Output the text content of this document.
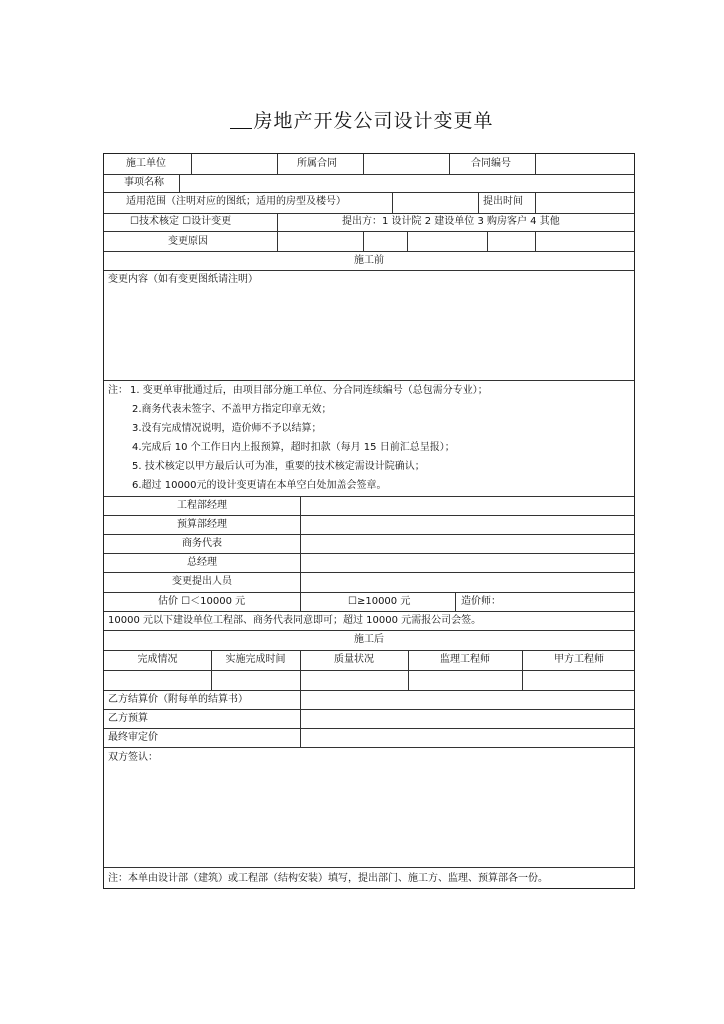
房地产开发公司设计变更单
施工单位	所属合同	合同编号
事项名称
适用范围（注明对应的图纸；适用的房型及楼号）	提出时间
☐技术核定 ☐设计变更	提出方：1 设计院 2 建设单位 3 购房客户 4 其他
变更原因
施工前
变更内容（如有变更图纸请注明）
注： 1. 变更单审批通过后，由项目部分施工单位、分合同连续编号（总包需分专业）；
2.商务代表未签字、不盖甲方指定印章无效；
3.没有完成情况说明，造价师不予以结算；
4.完成后 10 个工作日内上报预算，超时扣款（每月 15 日前汇总呈报）；
5. 技术核定以甲方最后认可为准，重要的技术核定需设计院确认；
6.超过 10000元的设计变更请在本单空白处加盖会签章。
工程部经理
预算部经理
商务代表
总经理
变更提出人员
估价 ☐＜10000 元	☐≥10000 元	造价师：
10000 元以下建设单位工程部、商务代表同意即可；超过 10000 元需报公司会签。
施工后
完成情况	实施完成时间	质量状况	监理工程师	甲方工程师
乙方结算价（附每单的结算书）
乙方预算
最终审定价
双方签认：
注：本单由设计部（建筑）或工程部（结构安装）填写，提出部门、施工方、监理、预算部各一份。
